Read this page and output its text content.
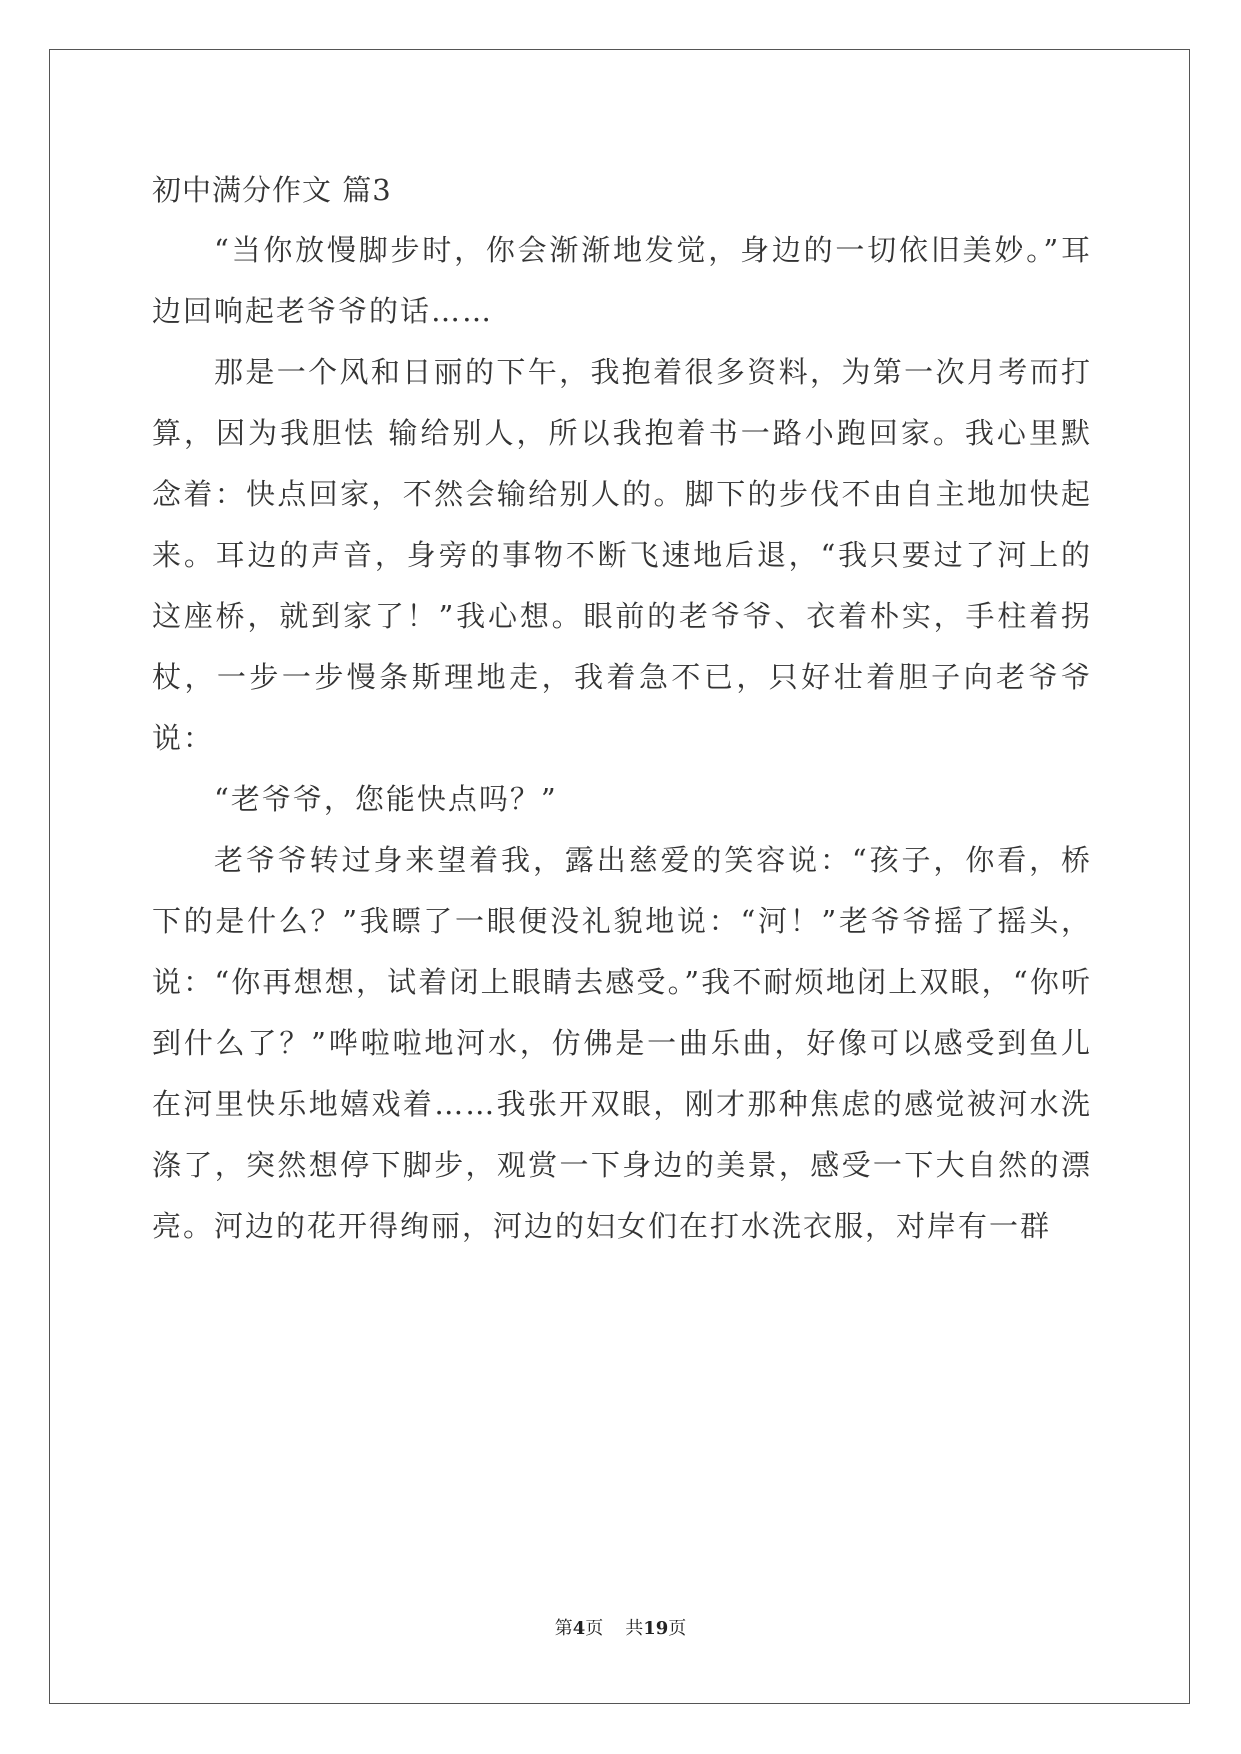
初中满分作文 篇3

“当你放慢脚步时，你会渐渐地发觉，身边的一切依旧美妙。”耳边回响起老爷爷的话……

那是一个风和日丽的下午，我抱着很多资料，为第一次月考而打算，因为我胆怯 输给别人，所以我抱着书一路小跑回家。我心里默念着：快点回家，不然会输给别人的。脚下的步伐不由自主地加快起来。耳边的声音，身旁的事物不断飞速地后退，“我只要过了河上的这座桥，就到家了！”我心想。眼前的老爷爷、衣着朴实，手柱着拐杖，一步一步慢条斯理地走，我着急不已，只好壮着胆子向老爷爷说：

“老爷爷，您能快点吗？”

老爷爷转过身来望着我，露出慈爱的笑容说：“孩子，你看，桥下的是什么？”我瞟了一眼便没礼貌地说：“河！”老爷爷摇了摇头，说：“你再想想，试着闭上眼睛去感受。”我不耐烦地闭上双眼，“你听到什么了？”哗啦啦地河水，仿佛是一曲乐曲，好像可以感受到鱼儿在河里快乐地嬉戏着……我张开双眼，刚才那种焦虑的感觉被河水洗涤了，突然想停下脚步，观赏一下身边的美景，感受一下大自然的漂亮。河边的花开得绚丽，河边的妇女们在打水洗衣服，对岸有一群

第4页 共19页
